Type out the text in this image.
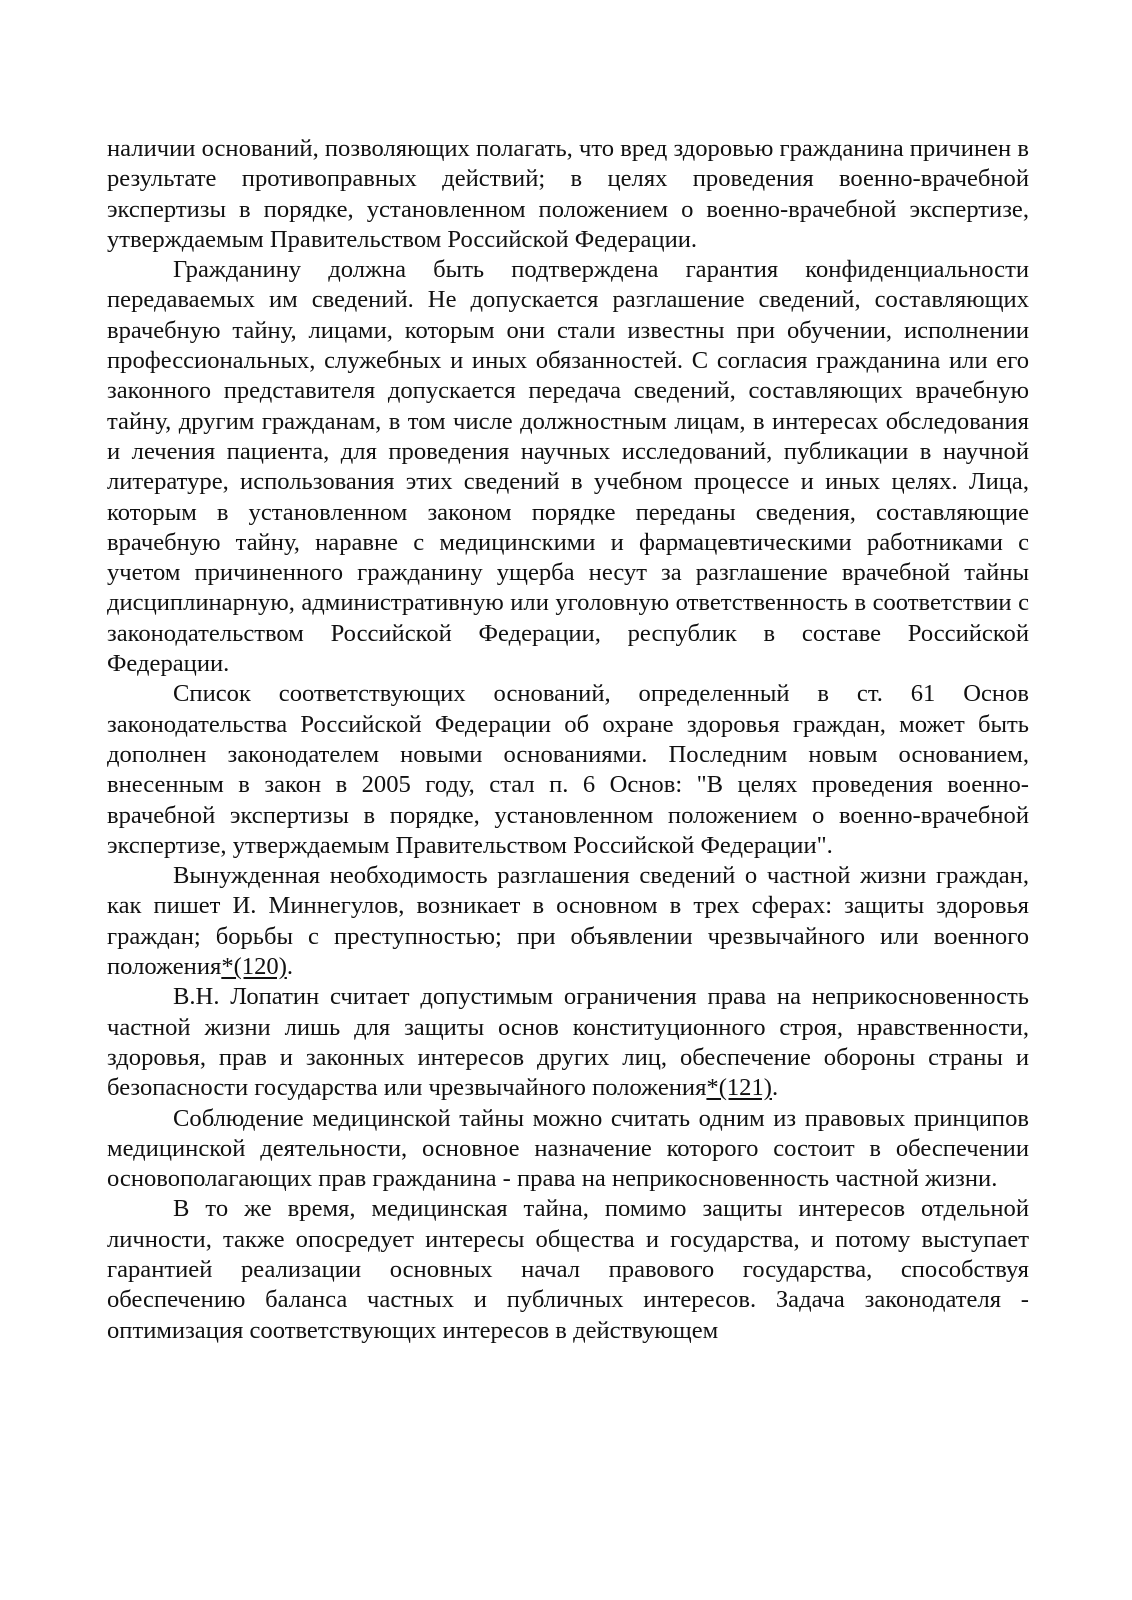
наличии оснований, позволяющих полагать, что вред здоровью гражданина причинен в результате противоправных действий; в целях проведения военно-врачебной экспертизы в порядке, установленном положением о военно-врачебной экспертизе, утверждаемым Правительством Российской Федерации.

Гражданину должна быть подтверждена гарантия конфиденциальности передаваемых им сведений. Не допускается разглашение сведений, составляющих врачебную тайну, лицами, которым они стали известны при обучении, исполнении профессиональных, служебных и иных обязанностей. С согласия гражданина или его законного представителя допускается передача сведений, составляющих врачебную тайну, другим гражданам, в том числе должностным лицам, в интересах обследования и лечения пациента, для проведения научных исследований, публикации в научной литературе, использования этих сведений в учебном процессе и иных целях. Лица, которым в установленном законом порядке переданы сведения, составляющие врачебную тайну, наравне с медицинскими и фармацевтическими работниками с учетом причиненного гражданину ущерба несут за разглашение врачебной тайны дисциплинарную, административную или уголовную ответственность в соответствии с законодательством Российской Федерации, республик в составе Российской Федерации.

Список соответствующих оснований, определенный в ст. 61 Основ законодательства Российской Федерации об охране здоровья граждан, может быть дополнен законодателем новыми основаниями. Последним новым основанием, внесенным в закон в 2005 году, стал п. 6 Основ: "В целях проведения военно-врачебной экспертизы в порядке, установленном положением о военно-врачебной экспертизе, утверждаемым Правительством Российской Федерации".

Вынужденная необходимость разглашения сведений о частной жизни граждан, как пишет И. Миннегулов, возникает в основном в трех сферах: защиты здоровья граждан; борьбы с преступностью; при объявлении чрезвычайного или военного положения*(120).

В.Н. Лопатин считает допустимым ограничения права на неприкосновенность частной жизни лишь для защиты основ конституционного строя, нравственности, здоровья, прав и законных интересов других лиц, обеспечение обороны страны и безопасности государства или чрезвычайного положения*(121).

Соблюдение медицинской тайны можно считать одним из правовых принципов медицинской деятельности, основное назначение которого состоит в обеспечении основополагающих прав гражданина - права на неприкосновенность частной жизни.

В то же время, медицинская тайна, помимо защиты интересов отдельной личности, также опосредует интересы общества и государства, и потому выступает гарантией реализации основных начал правового государства, способствуя обеспечению баланса частных и публичных интересов. Задача законодателя - оптимизация соответствующих интересов в действующем
